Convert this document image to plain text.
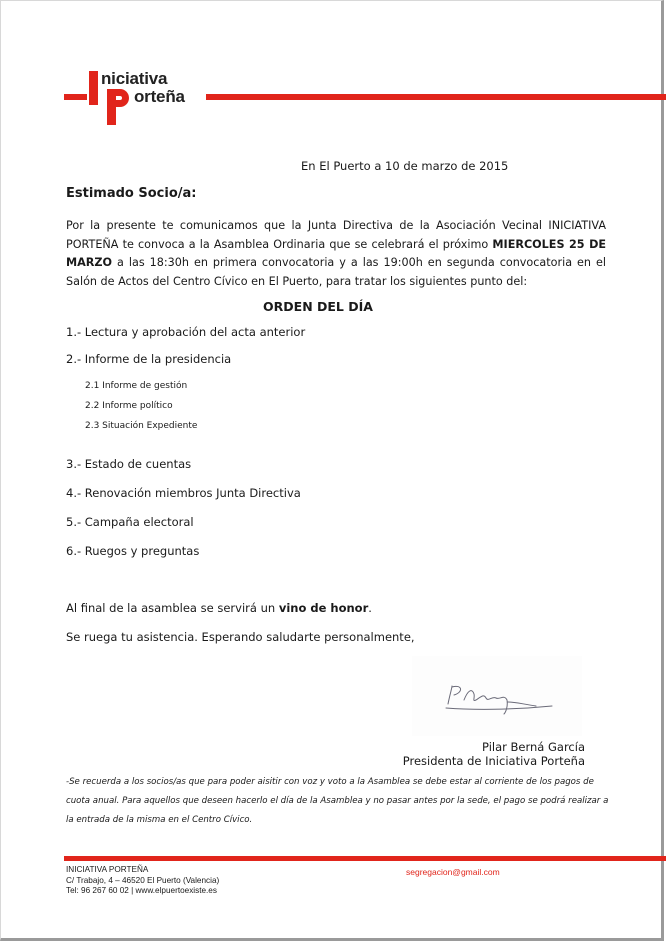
niciativa
orteña
En El Puerto a 10 de marzo de 2015
Estimado Socio/a:
Por la presente te comunicamos que la Junta Directiva de la Asociación Vecinal INICIATIVA PORTEÑA te convoca a la Asamblea Ordinaria que se celebrará el próximo MIERCOLES 25 DE MARZO a las 18:30h en primera convocatoria y a las 19:00h en segunda convocatoria en el Salón de Actos del Centro Cívico en El Puerto, para tratar los siguientes punto del:
ORDEN DEL DÍA
1.- Lectura y aprobación del acta anterior
2.- Informe de la presidencia
2.1 Informe de gestión
2.2 Informe político
2.3 Situación Expediente
3.- Estado de cuentas
4.- Renovación miembros Junta Directiva
5.- Campaña electoral
6.- Ruegos y preguntas
Al final de la asamblea se servirá un vino de honor.
Se ruega tu asistencia. Esperando saludarte personalmente,
Pilar Berná García
Presidenta de Iniciativa Porteña
-Se recuerda a los socios/as que para poder aisitir con voz y voto a la Asamblea se debe estar al corriente de los pagos de cuota anual. Para aquellos que deseen hacerlo el día de la Asamblea y no pasar antes por la sede, el pago se podrá realizar a la entrada de la misma en el Centro Cívico.
INICIATIVA PORTEÑA
C/ Trabajo, 4 – 46520 El Puerto (Valencia)
Tel: 96 267 60 02 | www.elpuertoexiste.es
segregacion@gmail.com
